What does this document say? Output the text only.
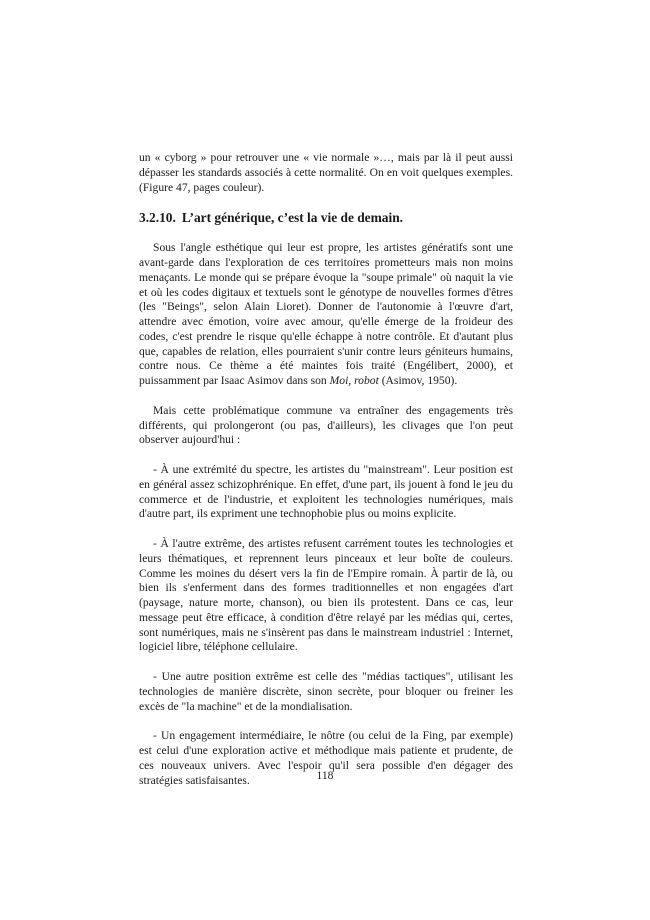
un « cyborg » pour retrouver une « vie normale »…, mais par là il peut aussi dépasser les standards associés à cette normalité. On en voit quelques exemples. (Figure 47, pages couleur).

3.2.10. L’art générique, c’est la vie de demain.

Sous l'angle esthétique qui leur est propre, les artistes génératifs sont une avant-garde dans l'exploration de ces territoires prometteurs mais non moins menaçants. Le monde qui se prépare évoque la "soupe primale" où naquit la vie et où les codes digitaux et textuels sont le génotype de nouvelles formes d'êtres (les "Beings", selon Alain Lioret). Donner de l'autonomie à l'œuvre d'art, attendre avec émotion, voire avec amour, qu'elle émerge de la froideur des codes, c'est prendre le risque qu'elle échappe à notre contrôle. Et d'autant plus que, capables de relation, elles pourraient s'unir contre leurs géniteurs humains, contre nous. Ce thème a été maintes fois traité (Engélibert, 2000), et puissamment par Isaac Asimov dans son Moi, robot (Asimov, 1950).

Mais cette problématique commune va entraîner des engagements très différents, qui prolongeront (ou pas, d'ailleurs), les clivages que l'on peut observer aujourd'hui :

- À une extrémité du spectre, les artistes du "mainstream". Leur position est en général assez schizophrénique. En effet, d'une part, ils jouent à fond le jeu du commerce et de l'industrie, et exploitent les technologies numériques, mais d'autre part, ils expriment une technophobie plus ou moins explicite.

- À l'autre extrême, des artistes refusent carrément toutes les technologies et leurs thématiques, et reprennent leurs pinceaux et leur boîte de couleurs. Comme les moines du désert vers la fin de l'Empire romain. À partir de là, ou bien ils s'enferment dans des formes traditionnelles et non engagées d'art (paysage, nature morte, chanson), ou bien ils protestent. Dans ce cas, leur message peut être efficace, à condition d'être relayé par les médias qui, certes, sont numériques, mais ne s'insèrent pas dans le mainstream industriel : Internet, logiciel libre, téléphone cellulaire.

- Une autre position extrême est celle des "médias tactiques", utilisant les technologies de manière discrète, sinon secrète, pour bloquer ou freiner les excès de "la machine" et de la mondialisation.

- Un engagement intermédiaire, le nôtre (ou celui de la Fing, par exemple) est celui d'une exploration active et méthodique mais patiente et prudente, de ces nouveaux univers. Avec l'espoir qu'il sera possible d'en dégager des stratégies satisfaisantes.	118
